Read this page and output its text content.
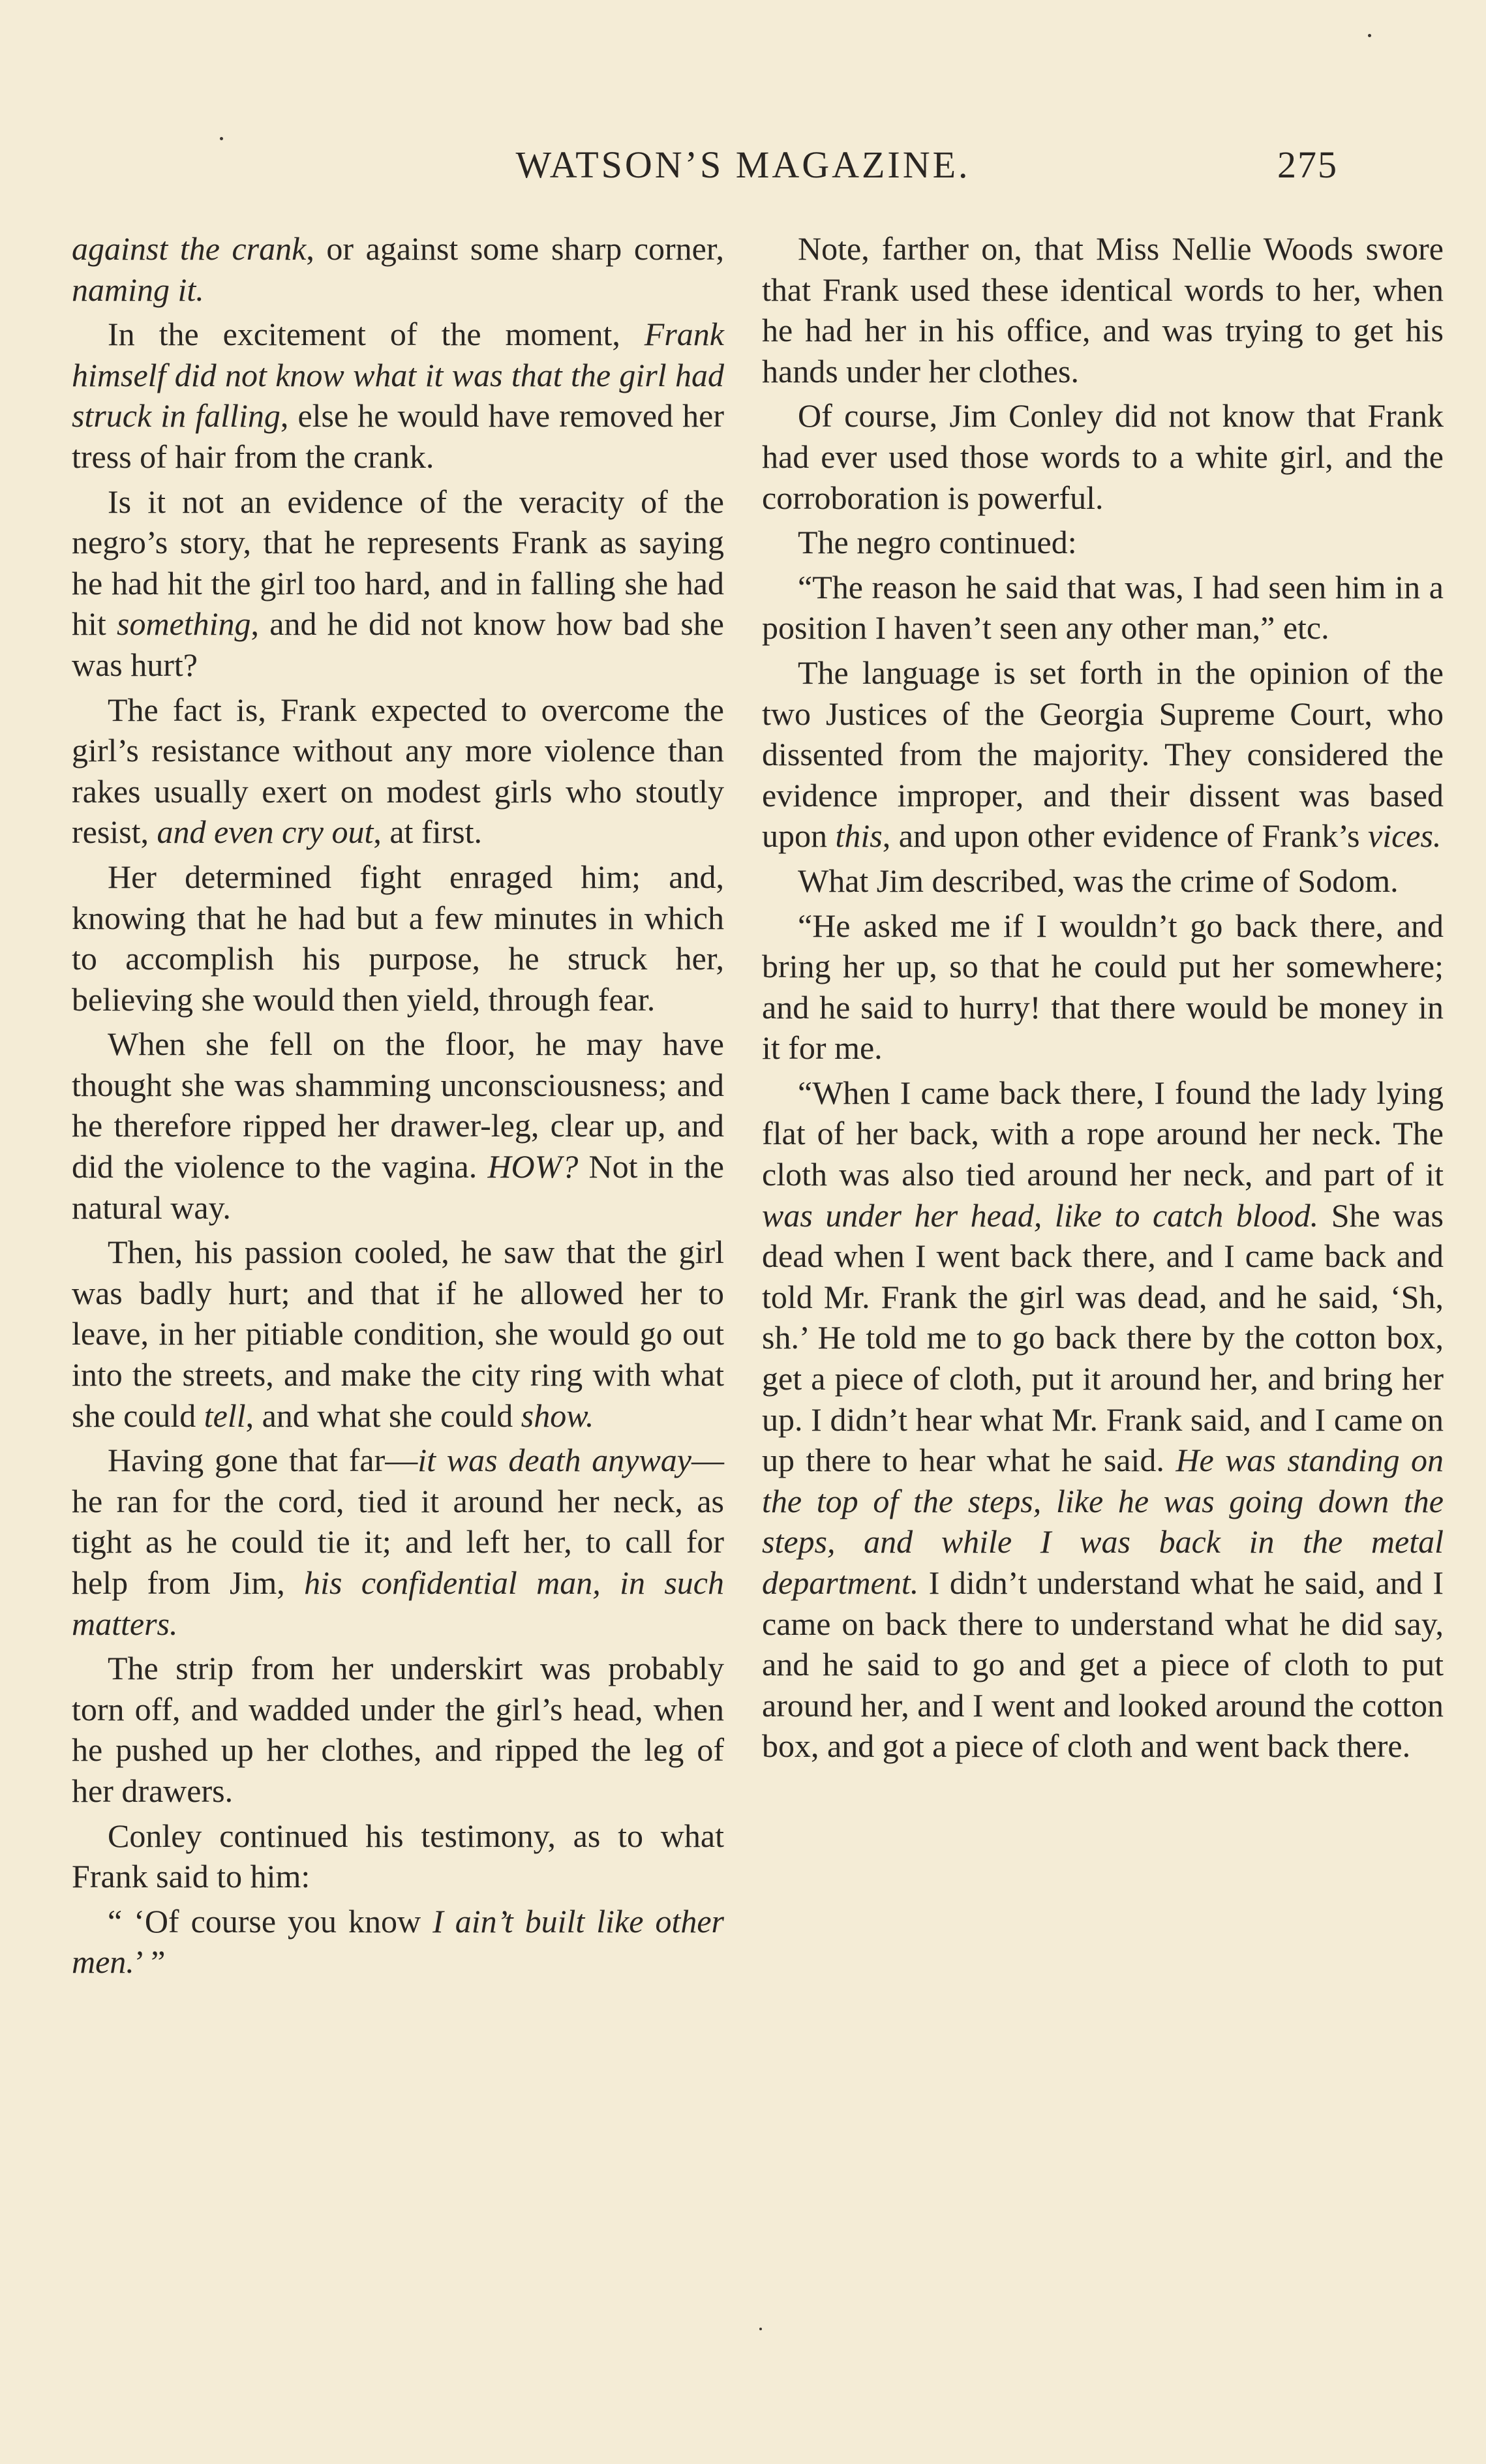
WATSON’S MAGAZINE.	275

against the crank, or against some sharp corner, naming it.

In the excitement of the moment, Frank himself did not know what it was that the girl had struck in falling, else he would have removed her tress of hair from the crank.

Is it not an evidence of the veracity of the negro’s story, that he represents Frank as saying he had hit the girl too hard, and in falling she had hit something, and he did not know how bad she was hurt?

The fact is, Frank expected to overcome the girl’s resistance without any more violence than rakes usually exert on modest girls who stoutly resist, and even cry out, at first.

Her determined fight enraged him; and, knowing that he had but a few minutes in which to accomplish his purpose, he struck her, believing she would then yield, through fear.

When she fell on the floor, he may have thought she was shamming unconsciousness; and he therefore ripped her drawer-leg, clear up, and did the violence to the vagina. HOW? Not in the natural way.

Then, his passion cooled, he saw that the girl was badly hurt; and that if he allowed her to leave, in her pitiable condition, she would go out into the streets, and make the city ring with what she could tell, and what she could show.

Having gone that far—it was death anyway—he ran for the cord, tied it around her neck, as tight as he could tie it; and left her, to call for help from Jim, his confidential man, in such matters.

The strip from her underskirt was probably torn off, and wadded under the girl’s head, when he pushed up her clothes, and ripped the leg of her drawers.

Conley continued his testimony, as to what Frank said to him:

“ ‘Of course you know I ain’t built like other men.’ ”

Note, farther on, that Miss Nellie Woods swore that Frank used these identical words to her, when he had her in his office, and was trying to get his hands under her clothes.

Of course, Jim Conley did not know that Frank had ever used those words to a white girl, and the corroboration is powerful.

The negro continued:

“The reason he said that was, I had seen him in a position I haven’t seen any other man,” etc.

The language is set forth in the opinion of the two Justices of the Georgia Supreme Court, who dissented from the majority. They considered the evidence improper, and their dissent was based upon this, and upon other evidence of Frank’s vices.

What Jim described, was the crime of Sodom.

“He asked me if I wouldn’t go back there, and bring her up, so that he could put her somewhere; and he said to hurry! that there would be money in it for me.

“When I came back there, I found the lady lying flat of her back, with a rope around her neck. The cloth was also tied around her neck, and part of it was under her head, like to catch blood. She was dead when I went back there, and I came back and told Mr. Frank the girl was dead, and he said, ‘Sh, sh.’ He told me to go back there by the cotton box, get a piece of cloth, put it around her, and bring her up. I didn’t hear what Mr. Frank said, and I came on up there to hear what he said. He was standing on the top of the steps, like he was going down the steps, and while I was back in the metal department. I didn’t understand what he said, and I came on back there to understand what he did say, and he said to go and get a piece of cloth to put around her, and I went and looked around the cotton box, and got a piece of cloth and went back there.
